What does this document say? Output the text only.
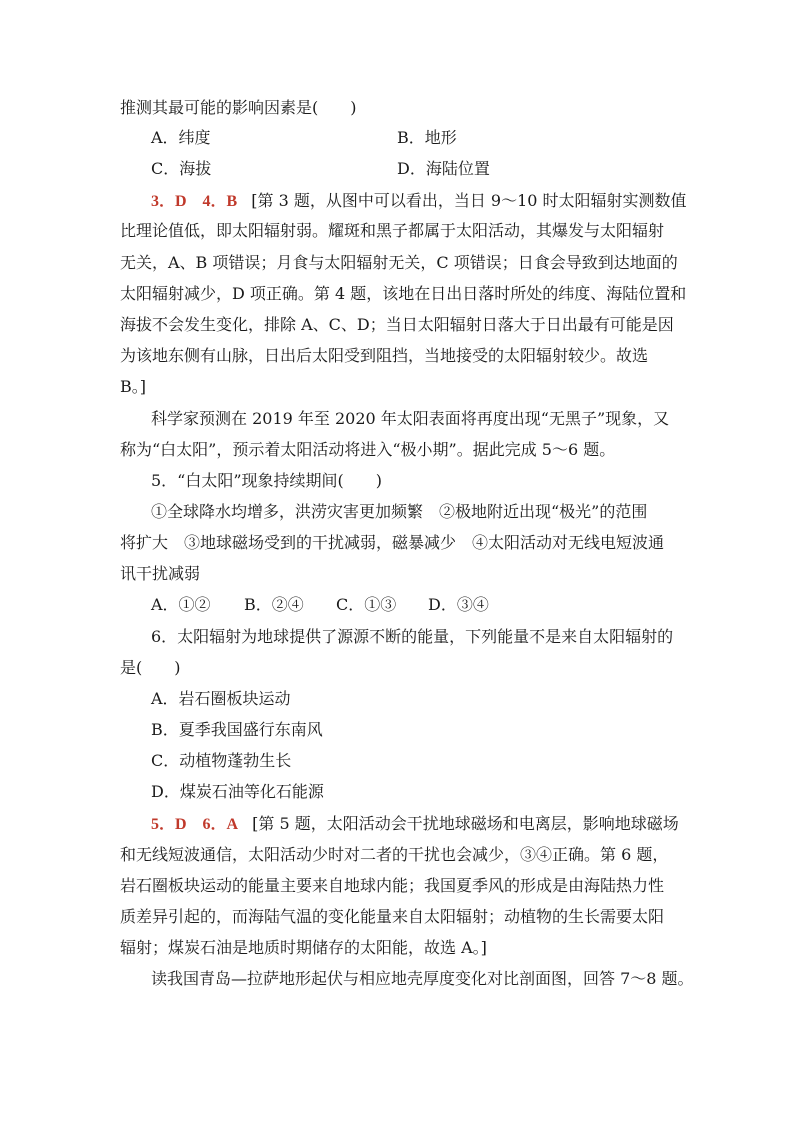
推测其最可能的影响因素是(　　)
A．纬度	B．地形
C．海拔	D．海陆位置
3．D　4．B [第 3 题，从图中可以看出，当日 9～10 时太阳辐射实测数值
比理论值低，即太阳辐射弱。耀斑和黑子都属于太阳活动，其爆发与太阳辐射
无关，A、B 项错误；月食与太阳辐射无关，C 项错误；日食会导致到达地面的
太阳辐射减少，D 项正确。第 4 题，该地在日出日落时所处的纬度、海陆位置和
海拔不会发生变化，排除 A、C、D；当日太阳辐射日落大于日出最有可能是因
为该地东侧有山脉，日出后太阳受到阻挡，当地接受的太阳辐射较少。故选
B。]
科学家预测在 2019 年至 2020 年太阳表面将再度出现“无黑子”现象，又
称为“白太阳”，预示着太阳活动将进入“极小期”。据此完成 5～6 题。
5．“白太阳”现象持续期间(　　)
①全球降水均增多，洪涝灾害更加频繁　②极地附近出现“极光”的范围
将扩大　③地球磁场受到的干扰减弱，磁暴减少　④太阳活动对无线电短波通
讯干扰减弱
A．①② B．②④ C．①③ D．③④
6．太阳辐射为地球提供了源源不断的能量，下列能量不是来自太阳辐射的
是(　　)
A．岩石圈板块运动
B．夏季我国盛行东南风
C．动植物蓬勃生长
D．煤炭石油等化石能源
5．D　6．A [第 5 题，太阳活动会干扰地球磁场和电离层，影响地球磁场
和无线短波通信，太阳活动少时对二者的干扰也会减少，③④正确。第 6 题，
岩石圈板块运动的能量主要来自地球内能；我国夏季风的形成是由海陆热力性
质差异引起的，而海陆气温的变化能量来自太阳辐射；动植物的生长需要太阳
辐射；煤炭石油是地质时期储存的太阳能，故选 A。]
读我国青岛—拉萨地形起伏与相应地壳厚度变化对比剖面图，回答 7～8 题。
